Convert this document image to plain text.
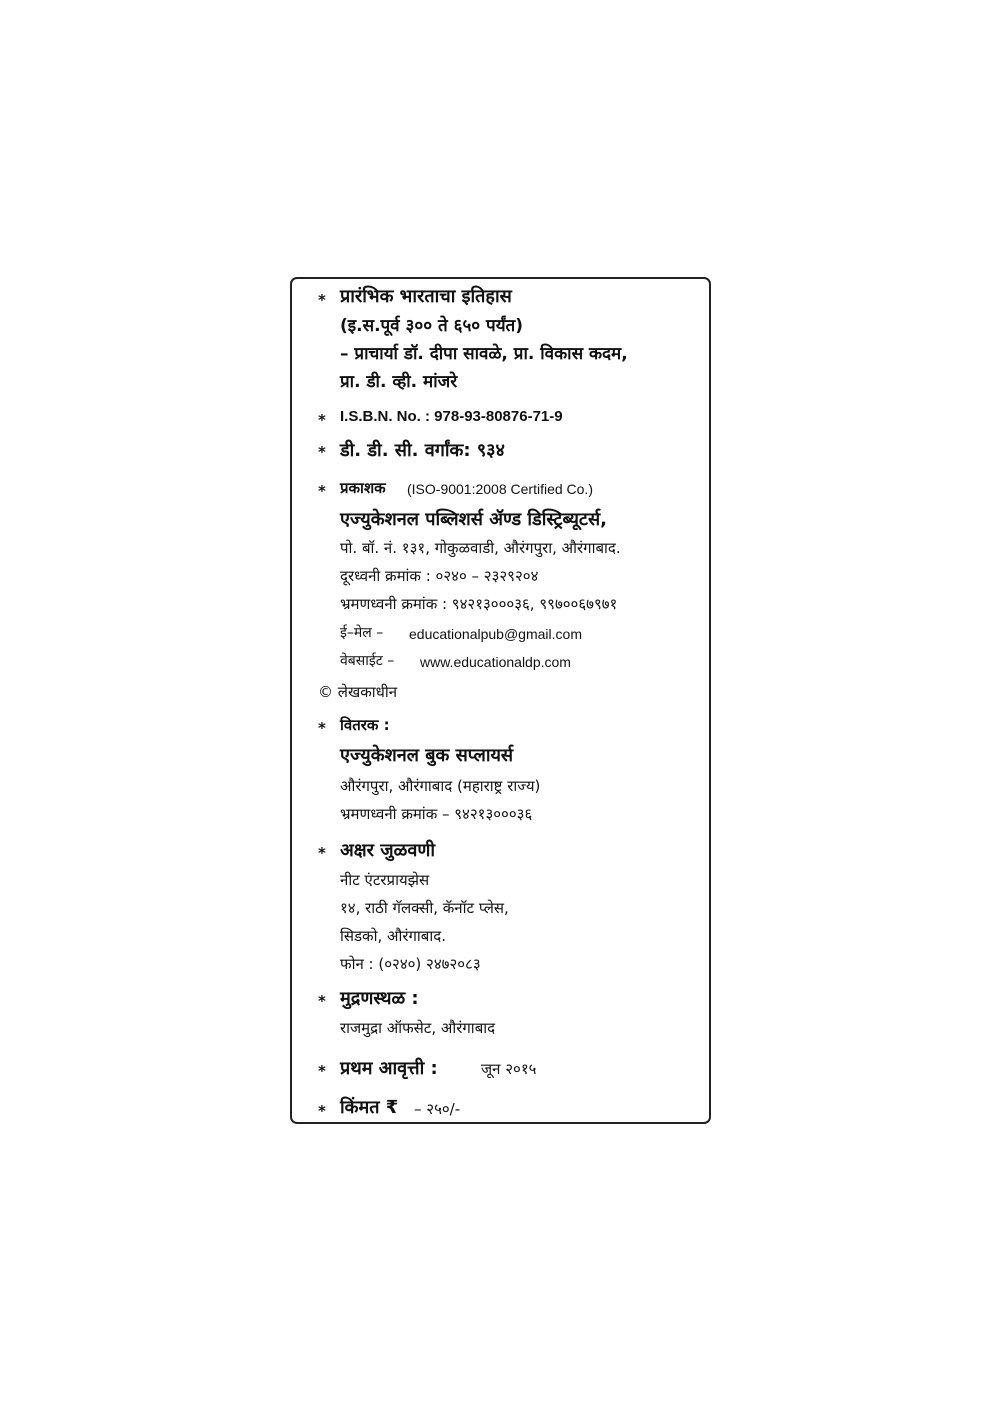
* प्रारंभिक भारताचा इतिहास
(इ.स.पूर्व ३०० ते ६५० पर्यंत)
– प्राचार्या डॉ. दीपा सावळे, प्रा. विकास कदम,
प्रा. डी. व्ही. मांजरे
* I.S.B.N. No. : 978-93-80876-71-9
* डी. डी. सी. वर्गांक: ९३४
* प्रकाशक (ISO-9001:2008 Certified Co.)
एज्युकेशनल पब्लिशर्स ॲण्ड डिस्ट्रिब्यूटर्स,
पो. बॉ. नं. १३१, गोकुळवाडी, औरंगपुरा, औरंगाबाद.
दूरध्वनी क्रमांक : ०२४० – २३२९२०४
भ्रमणध्वनी क्रमांक : ९४२१३०००३६, ९९७००६७९७१
ई–मेल – educationalpub@gmail.com
वेबसाईट – www.educationaldp.com
© लेखकाधीन
* वितरक :
एज्युकेशनल बुक सप्लायर्स
औरंगपुरा, औरंगाबाद (महाराष्ट्र राज्य)
भ्रमणध्वनी क्रमांक – ९४२१३०००३६
* अक्षर जुळवणी
नीट एंटरप्रायझेस
१४, राठी गॅलक्सी, कॅनॉट प्लेस,
सिडको, औरंगाबाद.
फोन : (०२४०) २४७२०८३
* मुद्रणस्थळ :
राजमुद्रा ऑफसेट, औरंगाबाद
* प्रथम आवृत्ती :	जून २०१५
* किंमत ₹ – २५०/-
